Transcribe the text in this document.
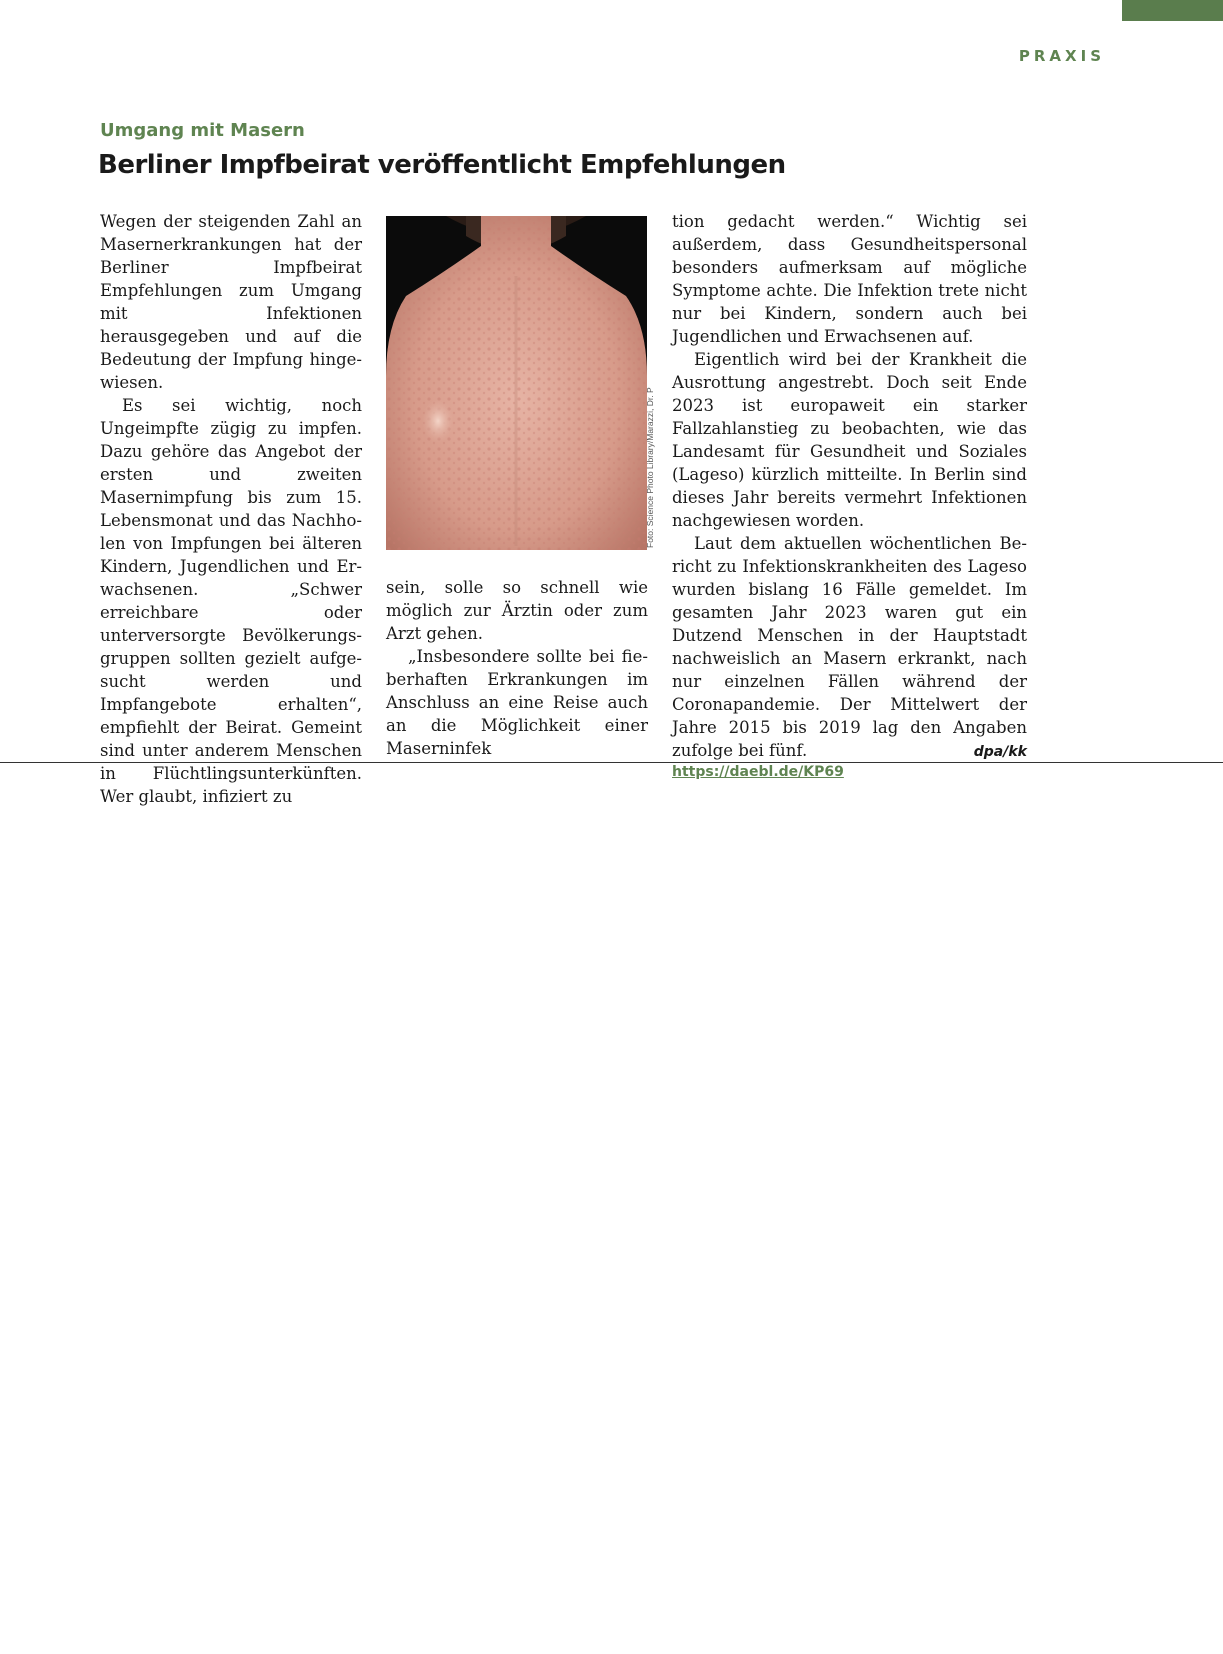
PRAXIS
Umgang mit Masern
Berliner Impfbeirat veröffentlicht Empfehlungen

Wegen der steigenden Zahl an Masernerkrankungen hat der Berliner Impfbeirat Empfehlungen zum Umgang mit Infektionen herausgegeben und auf die Bedeutung der Impfung hingewiesen.

Es sei wichtig, noch Ungeimpfte zügig zu impfen. Dazu gehöre das Angebot der ersten und zweiten Masernimpfung bis zum 15. Lebensmonat und das Nachholen von Impfungen bei älteren Kindern, Jugendlichen und Erwachsenen. „Schwer erreichbare oder unterversorgte Bevölkerungsgruppen sollten gezielt aufgesucht werden und Impfangebote erhalten“, empfiehlt der Beirat. Gemeint sind unter anderem Menschen in Flüchtlingsunterkünften. Wer glaubt, infiziert zu

Foto: Science Photo Library/Marazzi, Dr. P

sein, solle so schnell wie möglich zur Ärztin oder zum Arzt gehen.

„Insbesondere sollte bei fieberhaften Erkrankungen im Anschluss an eine Reise auch an die Möglichkeit einer Maserninfek

tion gedacht werden.“ Wichtig sei außerdem, dass Gesundheitspersonal besonders aufmerksam auf mögliche Symptome achte. Die Infektion trete nicht nur bei Kindern, sondern auch bei Jugendlichen und Erwachsenen auf.

Eigentlich wird bei der Krankheit die Ausrottung angestrebt. Doch seit Ende 2023 ist europaweit ein starker Fallzahlanstieg zu beobachten, wie das Landesamt für Gesundheit und Soziales (Lageso) kürzlich mitteilte. In Berlin sind dieses Jahr bereits vermehrt Infektionen nachgewiesen worden.

Laut dem aktuellen wöchentlichen Bericht zu Infektionskrankheiten des Lageso wurden bislang 16 Fälle gemeldet. Im gesamten Jahr 2023 waren gut ein Dutzend Menschen in der Hauptstadt nachweislich an Masern erkrankt, nach nur einzelnen Fällen während der Coronapandemie. Der Mittelwert der Jahre 2015 bis 2019 lag den Angaben zufolge bei fünf.	dpa/kk

https://daebl.de/KP69
